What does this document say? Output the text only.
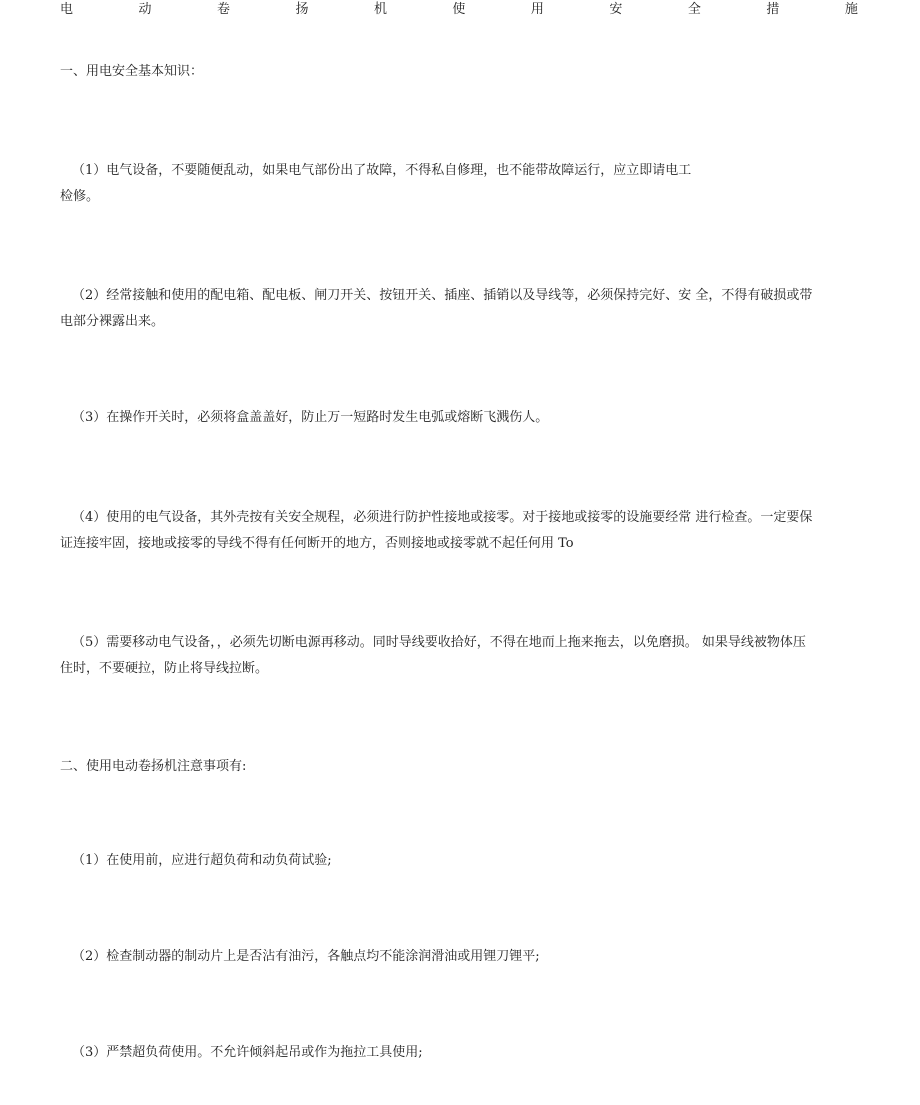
电	动	卷	扬	机	使	用	安	全	措	施
一、用电安全基本知识：
（1）电气设备，不要随便乱动，如果电气部份出了故障，不得私自修理，也不能带故障运行，应立即请电工
检修。
（2）经常接触和使用的配电箱、配电板、闸刀开关、按钮开关、插座、插销以及导线等，必须保持完好、安 全，不得有破损或带
电部分裸露出来。
（3）在操作开关时，必须将盒盖盖好，防止万一短路时发生电弧或熔断飞溅伤人。
（4）使用的电气设备，其外壳按有关安全规程，必须进行防护性接地或接零。对于接地或接零的设施要经常 进行检查。一定要保
证连接牢固，接地或接零的导线不得有任何断开的地方，否则接地或接零就不起任何用 To
（5）需要移动电气设备，，必须先切断电源再移动。同时导线要收拾好，不得在地而上拖来拖去，以免磨损。 如果导线被物体压
住时，不要硬拉，防止将导线拉断。
二、使用电动卷扬机注意事项有:
（1）在使用前，应进行超负荷和动负荷试验;
（2）检查制动器的制动片上是否沾有油污，各触点均不能涂润滑油或用锂刀锂平;
（3）严禁超负荷使用。不允许倾斜起吊或作为拖拉工具使用;
